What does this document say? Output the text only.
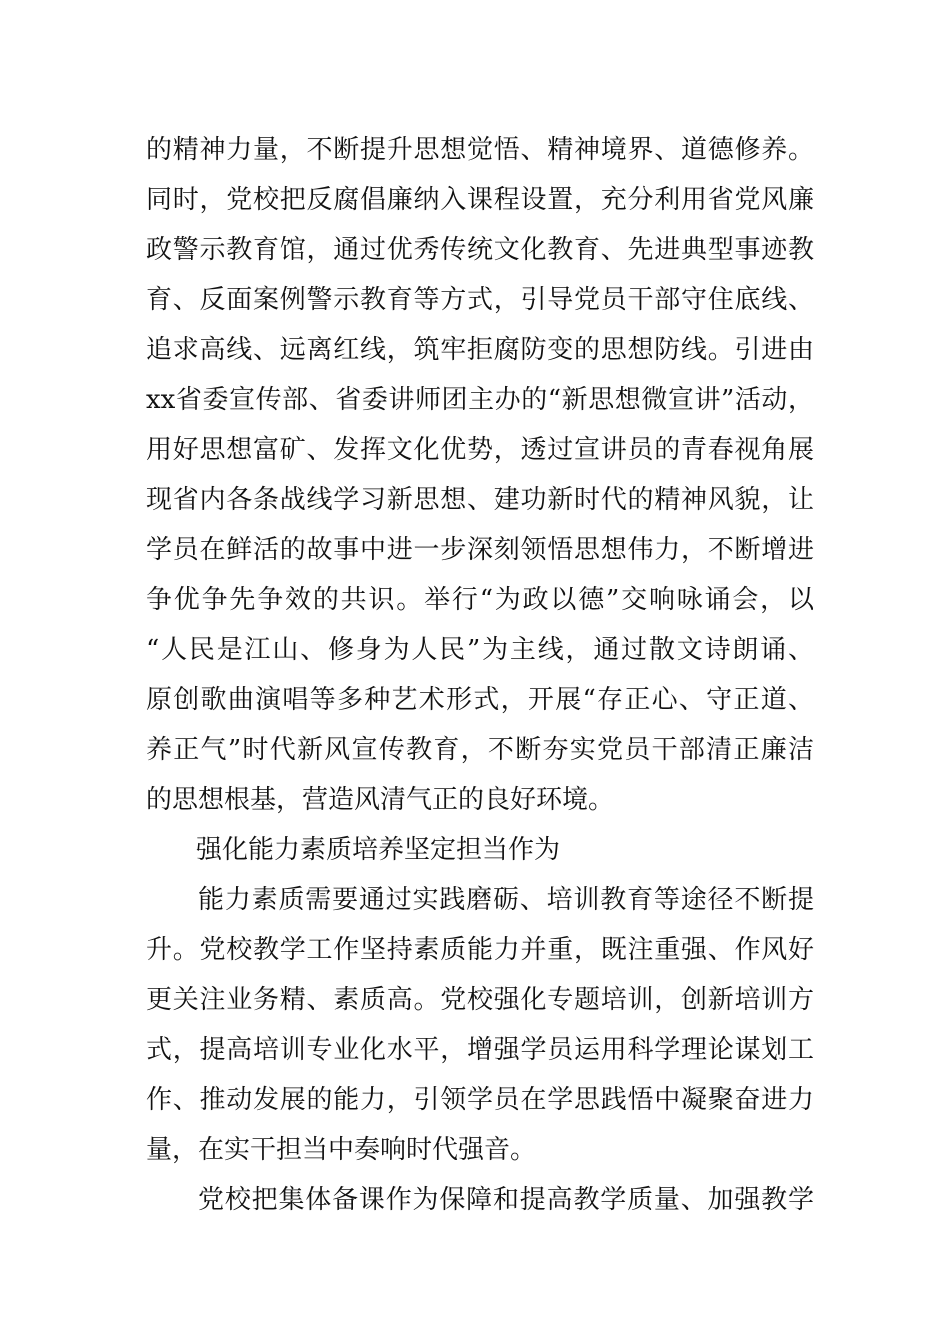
的精神力量，不断提升思想觉悟、精神境界、道德修养。
同时，党校把反腐倡廉纳入课程设置，充分利用省党风廉
政警示教育馆，通过优秀传统文化教育、先进典型事迹教
育、反面案例警示教育等方式，引导党员干部守住底线、
追求高线、远离红线，筑牢拒腐防变的思想防线。引进由
xx省委宣传部、省委讲师团主办的“新思想微宣讲”活动，
用好思想富矿、发挥文化优势，透过宣讲员的青春视角展
现省内各条战线学习新思想、建功新时代的精神风貌，让
学员在鲜活的故事中进一步深刻领悟思想伟力，不断增进
争优争先争效的共识。举行“为政以德”交响咏诵会，以
“人民是江山、修身为人民”为主线，通过散文诗朗诵、
原创歌曲演唱等多种艺术形式，开展“存正心、守正道、
养正气”时代新风宣传教育，不断夯实党员干部清正廉洁
的思想根基，营造风清气正的良好环境。
强化能力素质培养坚定担当作为
能力素质需要通过实践磨砺、培训教育等途径不断提
升。党校教学工作坚持素质能力并重，既注重强、作风好
更关注业务精、素质高。党校强化专题培训，创新培训方
式，提高培训专业化水平，增强学员运用科学理论谋划工
作、推动发展的能力，引领学员在学思践悟中凝聚奋进力
量，在实干担当中奏响时代强音。
党校把集体备课作为保障和提高教学质量、加强教学
